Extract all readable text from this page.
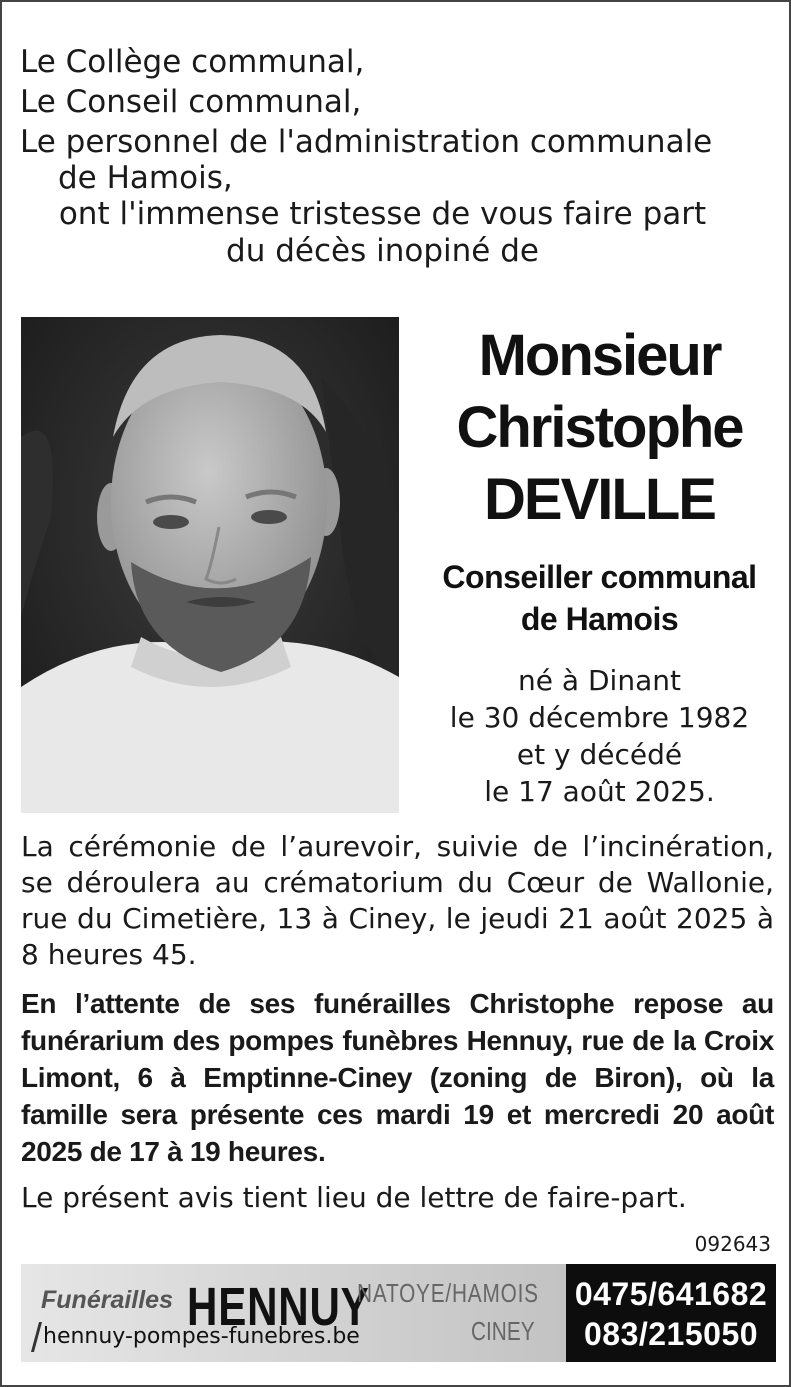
Le Collège communal,
Le Conseil communal,
Le personnel de l'administration communale
de Hamois,
ont l'immense tristesse de vous faire part
du décès inopiné de
Monsieur
Christophe
DEVILLE
Conseiller communal
de Hamois
né à Dinant
le 30 décembre 1982
et y décédé
le 17 août 2025.
La cérémonie de l’aurevoir, suivie de l’incinération, se déroulera au crématorium du Cœur de Wallonie, rue du Cimetière, 13 à Ciney, le jeudi 21 août 2025 à 8 heures 45.
En l’attente de ses funérailles Christophe repose au funérarium des pompes funèbres Hennuy, rue de la Croix Limont, 6 à Emptinne-Ciney (zoning de Biron), où la famille sera présente ces mardi 19 et mercredi 20 août 2025 de 17 à 19 heures.
Le présent avis tient lieu de lettre de faire-part.
092643
Funérailles HENNUY
NATOYE/HAMOIS
CINEY
hennuy-pompes-funebres.be
0475/641682
083/215050
